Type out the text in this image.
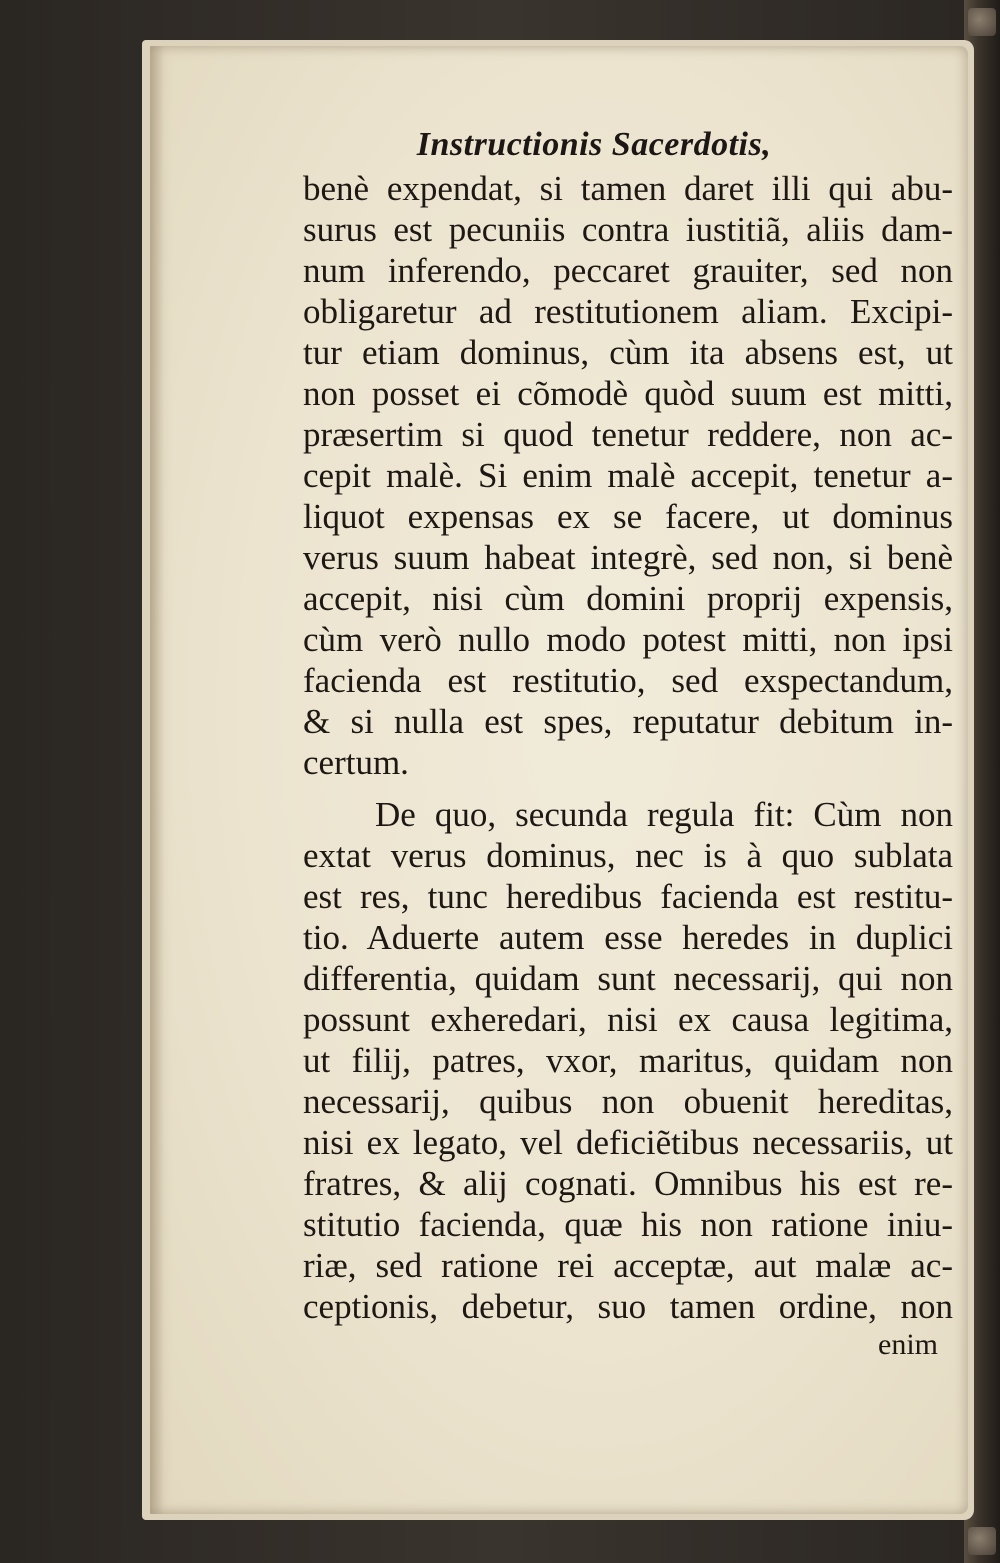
Instructionis Sacerdotis,
benè expendat, si tamen daret illi qui abu-
surus est pecuniis contra iustitiã, aliis dam-
num inferendo, peccaret grauiter, sed non
obligaretur ad restitutionem aliam. Excipi-
tur etiam dominus, cùm ita absens est, ut
non posset ei cõmodè quòd suum est mitti,
præsertim si quod tenetur reddere, non ac-
cepit malè. Si enim malè accepit, tenetur a-
liquot expensas ex se facere, ut dominus
verus suum habeat integrè, sed non, si benè
accepit, nisi cùm domini proprij expensis,
cùm verò nullo modo potest mitti, non ipsi
facienda est restitutio, sed exspectandum,
& si nulla est spes, reputatur debitum in-
certum.
De quo, secunda regula fit: Cùm non
extat verus dominus, nec is à quo sublata
est res, tunc heredibus facienda est restitu-
tio. Aduerte autem esse heredes in duplici
differentia, quidam sunt necessarij, qui non
possunt exheredari, nisi ex causa legitima,
ut filij, patres, vxor, maritus, quidam non
necessarij, quibus non obuenit hereditas,
nisi ex legato, vel deficiẽtibus necessariis, ut
fratres, & alij cognati. Omnibus his est re-
stitutio facienda, quæ his non ratione iniu-
riæ, sed ratione rei acceptæ, aut malæ ac-
ceptionis, debetur, suo tamen ordine, non
enim
